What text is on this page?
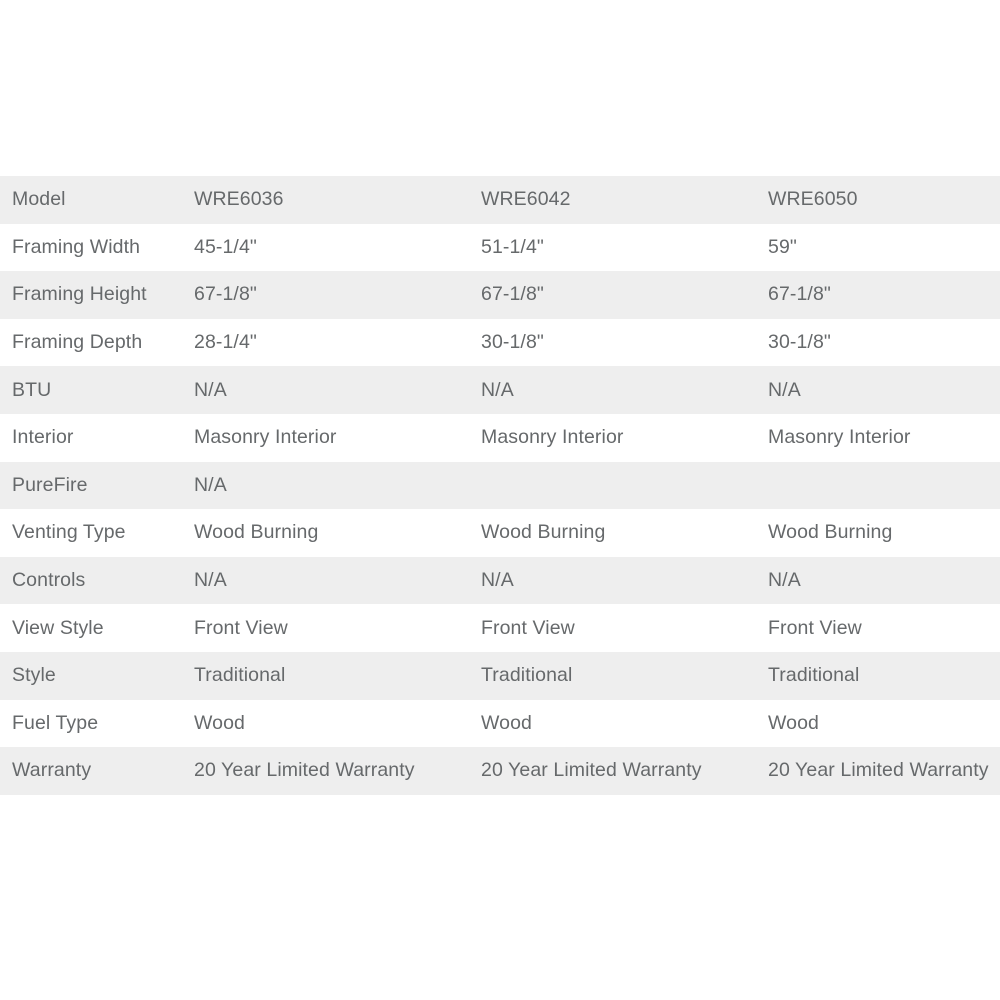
Model	WRE6036	WRE6042	WRE6050
Framing Width	45-1/4"	51-1/4"	59"
Framing Height	67-1/8"	67-1/8"	67-1/8"
Framing Depth	28-1/4"	30-1/8"	30-1/8"
BTU	N/A	N/A	N/A
Interior	Masonry Interior	Masonry Interior	Masonry Interior
PureFire	N/A		
Venting Type	Wood Burning	Wood Burning	Wood Burning
Controls	N/A	N/A	N/A
View Style	Front View	Front View	Front View
Style	Traditional	Traditional	Traditional
Fuel Type	Wood	Wood	Wood
Warranty	20 Year Limited Warranty	20 Year Limited Warranty	20 Year Limited Warranty
